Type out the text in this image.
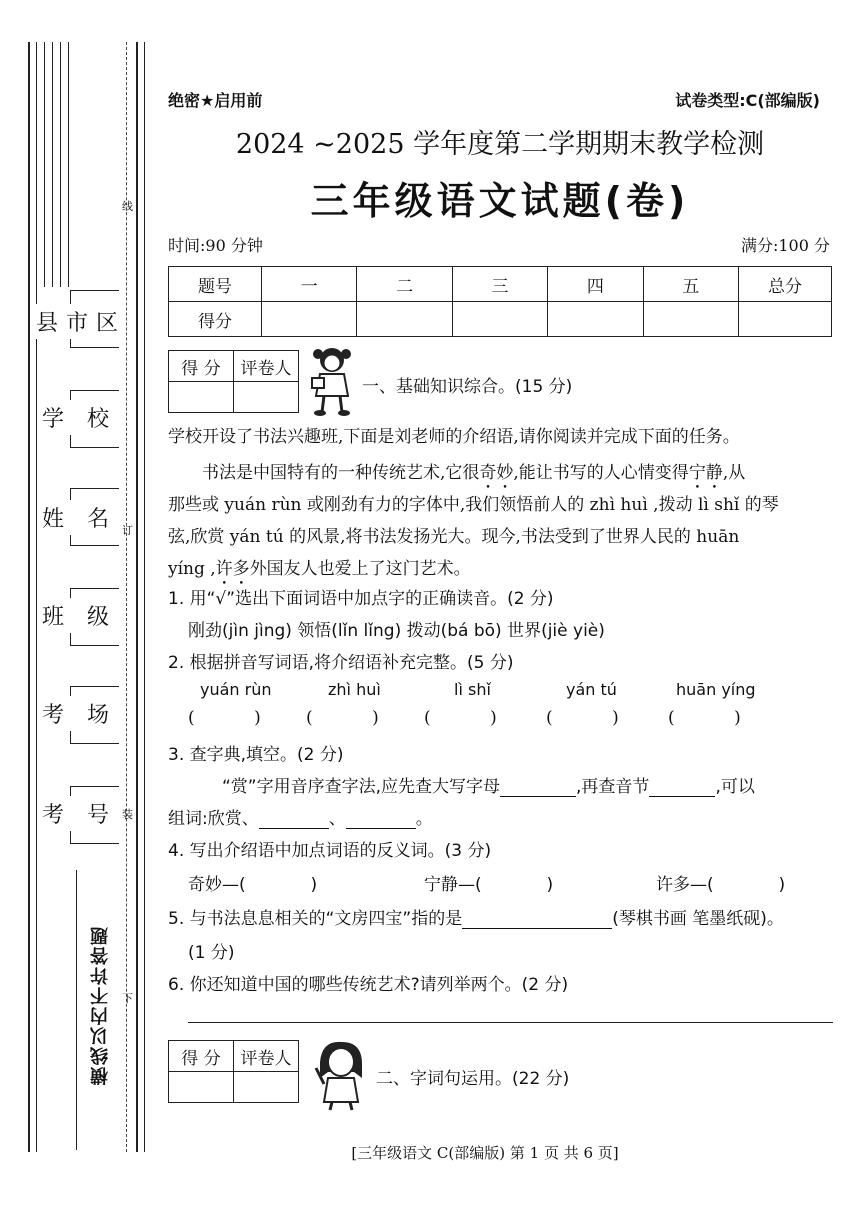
县市区
学 校
姓 名
班 级
考 场
考 号
线
订
装
下
横线以内不许答题
绝密★启用前	试卷类型:C(部编版)
2024 ~2025 学年度第二学期期末教学检测
三年级语文试题(卷)
时间:90 分钟	满分:100 分
题号	一	二	三	四	五	总分
得分						
得 分	评卷人

一、基础知识综合。(15 分)
学校开设了书法兴趣班,下面是刘老师的介绍语,请你阅读并完成下面的任务。
书法是中国特有的一种传统艺术,它很奇妙,能让书写的人心情变得宁静,从
那些或 yuán rùn 或刚劲有力的字体中,我们领悟前人的 zhì huì ,拨动 lì shǐ 的琴
弦,欣赏 yán tú 的风景,将书法发扬光大。现今,书法受到了世界人民的 huān
yíng ,许多外国友人也爱上了这门艺术。
1. 用“√”选出下面词语中加点字的正确读音。(2 分)
刚劲(jìn jìng) 领悟(lǐn lǐng) 拨动(bá bō) 世界(jiè yiè)
2. 根据拼音写词语,将介绍语补充完整。(5 分)
yuán rùn	zhì huì	lì shǐ	yán tú	huān yíng
(           )	(           )	(           )	(           )	(           )
3. 查字典,填空。(2 分)
“赏”字用音序查字法,应先查大写字母	,再查音节	,可以
组词:欣赏、	、	。
4. 写出介绍语中加点词语的反义词。(3 分)
奇妙—(            )	宁静—(            )	许多—(            )
5. 与书法息息相关的“文房四宝”指的是	(琴棋书画 笔墨纸砚)。
(1 分)
6. 你还知道中国的哪些传统艺术?请列举两个。(2 分)
得 分	评卷人

二、字词句运用。(22 分)
[三年级语文 C(部编版) 第 1 页 共 6 页]
